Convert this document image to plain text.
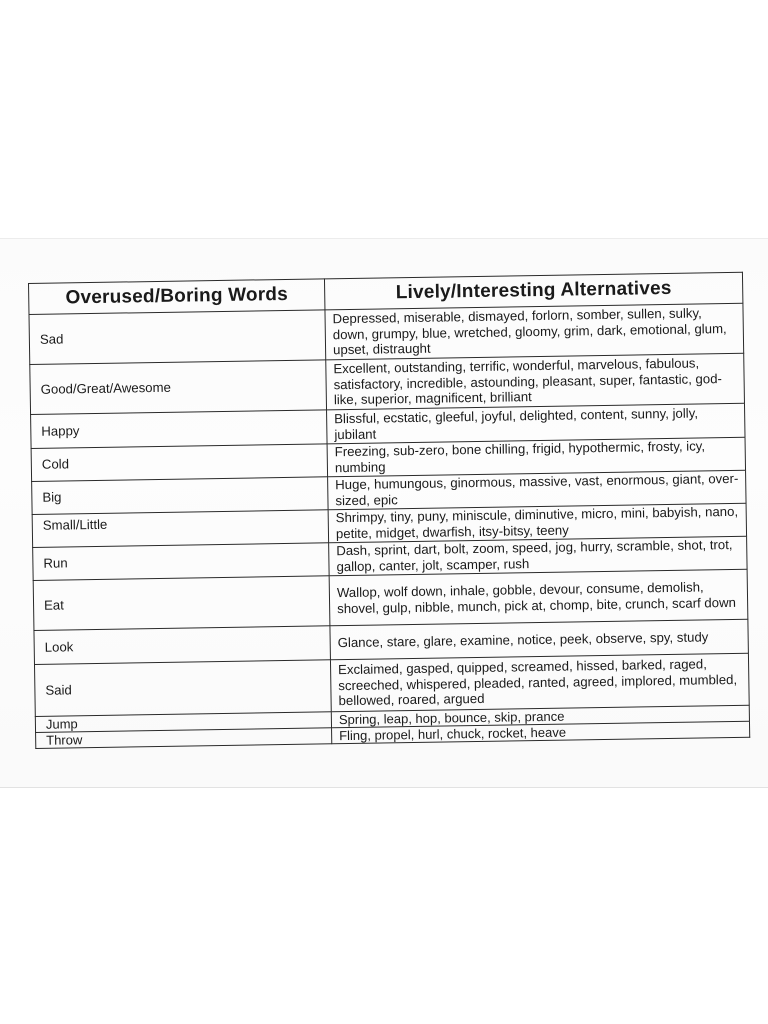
Overused/Boring Words	Lively/Interesting Alternatives
Sad	Depressed, miserable, dismayed, forlorn, somber, sullen, sulky, down, grumpy, blue, wretched, gloomy, grim, dark, emotional, glum, upset, distraught
Good/Great/Awesome	Excellent, outstanding, terrific, wonderful, marvelous, fabulous, satisfactory, incredible, astounding, pleasant, super, fantastic, god-like, superior, magnificent, brilliant
Happy	Blissful, ecstatic, gleeful, joyful, delighted, content, sunny, jolly, jubilant
Cold	Freezing, sub-zero, bone chilling, frigid, hypothermic, frosty, icy, numbing
Big	Huge, humungous, ginormous, massive, vast, enormous, giant, over-sized, epic
Small/Little	Shrimpy, tiny, puny, miniscule, diminutive, micro, mini, babyish, nano, petite, midget, dwarfish, itsy-bitsy, teeny
Run	Dash, sprint, dart, bolt, zoom, speed, jog, hurry, scramble, shot, trot, gallop, canter, jolt, scamper, rush
Eat	Wallop, wolf down, inhale, gobble, devour, consume, demolish, shovel, gulp, nibble, munch, pick at, chomp, bite, crunch, scarf down
Look	Glance, stare, glare, examine, notice, peek, observe, spy, study
Said	Exclaimed, gasped, quipped, screamed, hissed, barked, raged, screeched, whispered, pleaded, ranted, agreed, implored, mumbled, bellowed, roared, argued
Jump	Spring, leap, hop, bounce, skip, prance
Throw	Fling, propel, hurl, chuck, rocket, heave
